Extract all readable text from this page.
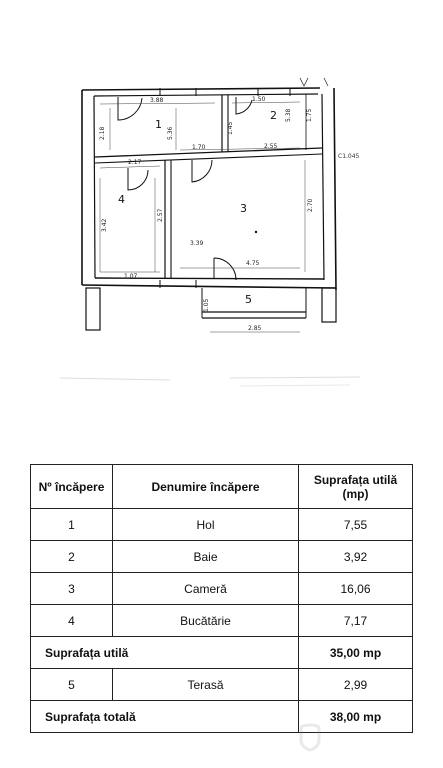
3.88	1.50
2.18	5.36	1.45
5.38 1.75
2.17
1.70	2.55
3.42
2.57
3.39
2.70
4.75
1.07
1.05
2.85
C1.045
1
2
3
4
5
Nº încăpere	Denumire încăpere	Suprafața utilă (mp)
1	Hol	7,55
2	Baie	3,92
3	Cameră	16,06
4	Bucătărie	7,17
Suprafața utilă		35,00 mp
5	Terasă	2,99
Suprafața totală		38,00 mp
